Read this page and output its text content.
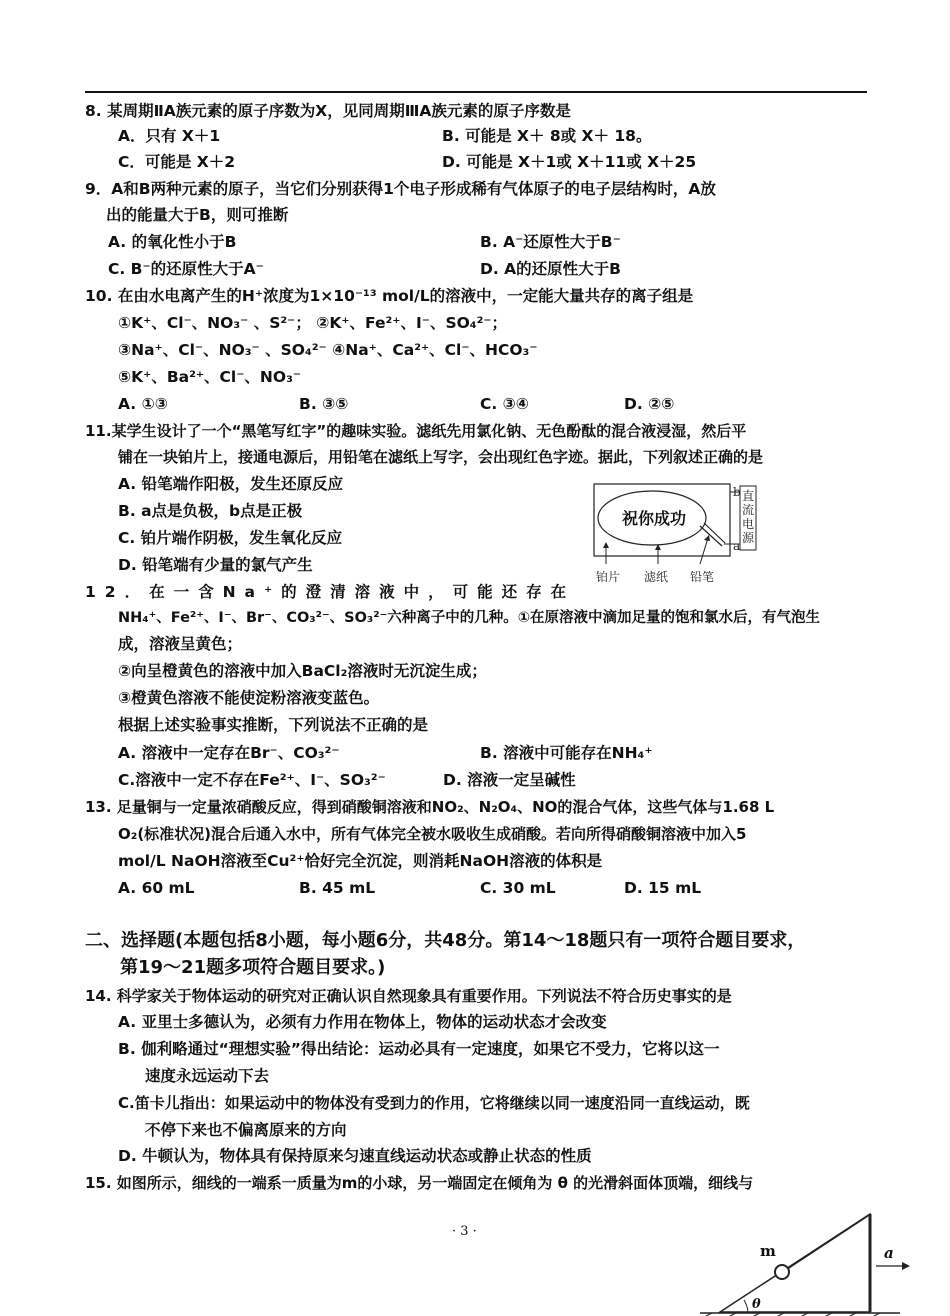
8. 某周期ⅡA族元素的原子序数为X，见同周期ⅢA族元素的原子序数是
A．只有 X＋1	B. 可能是 X＋ 8或 X＋ 18。
C．可能是 X＋2	D. 可能是 X＋1或 X＋11或 X＋25
9．A和B两种元素的原子，当它们分别获得1个电子形成稀有气体原子的电子层结构时，A放
出的能量大于B，则可推断
A. 的氧化性小于B	B. A⁻还原性大于B⁻
C. B⁻的还原性大于A⁻	D. A的还原性大于B
10. 在由水电离产生的H⁺浓度为1×10⁻¹³ mol/L的溶液中，一定能大量共存的离子组是
①K⁺、Cl⁻、NO₃⁻ 、S²⁻； ②K⁺、Fe²⁺、I⁻、SO₄²⁻；
③Na⁺、Cl⁻、NO₃⁻ 、SO₄²⁻ ④Na⁺、Ca²⁺、Cl⁻、HCO₃⁻
⑤K⁺、Ba²⁺、Cl⁻、NO₃⁻
A. ①③	B. ③⑤	C. ③④	D. ②⑤
11.某学生设计了一个“黑笔写红字”的趣味实验。滤纸先用氯化钠、无色酚酞的混合液浸湿，然后平
铺在一块铂片上，接通电源后，用铅笔在滤纸上写字，会出现红色字迹。据此，下列叙述正确的是
A. 铅笔端作阳极，发生还原反应
B. a点是负极，b点是正极
C. 铂片端作阴极，发生氧化反应
D. 铅笔端有少量的氯气产生
祝你成功
直
流
电
源
b
a
铂片 滤纸 铅笔
12．在一含Na⁺的澄清溶液中，可能还存在
NH₄⁺、Fe²⁺、I⁻、Br⁻、CO₃²⁻、SO₃²⁻六种离子中的几种。①在原溶液中滴加足量的饱和氯水后，有气泡生
成，溶液呈黄色；
②向呈橙黄色的溶液中加入BaCl₂溶液时无沉淀生成；
③橙黄色溶液不能使淀粉溶液变蓝色。
根据上述实验事实推断，下列说法不正确的是
A. 溶液中一定存在Br⁻、CO₃²⁻	B. 溶液中可能存在NH₄⁺
C.溶液中一定不存在Fe²⁺、I⁻、SO₃²⁻	D. 溶液一定呈碱性
13. 足量铜与一定量浓硝酸反应，得到硝酸铜溶液和NO₂、N₂O₄、NO的混合气体，这些气体与1.68 L
O₂(标准状况)混合后通入水中，所有气体完全被水吸收生成硝酸。若向所得硝酸铜溶液中加入5
mol/L NaOH溶液至Cu²⁺恰好完全沉淀，则消耗NaOH溶液的体积是
A. 60 mL	B. 45 mL	C. 30 mL	D. 15 mL
二、选择题(本题包括8小题，每小题6分，共48分。第14～18题只有一项符合题目要求，
第19～21题多项符合题目要求。)
14. 科学家关于物体运动的研究对正确认识自然现象具有重要作用。下列说法不符合历史事实的是
A. 亚里士多德认为，必须有力作用在物体上，物体的运动状态才会改变
B. 伽利略通过“理想实验”得出结论：运动必具有一定速度，如果它不受力，它将以这一
速度永远运动下去
C.笛卡儿指出：如果运动中的物体没有受到力的作用，它将继续以同一速度沿同一直线运动，既
不停下来也不偏离原来的方向
D. 牛顿认为，物体具有保持原来匀速直线运动状态或静止状态的性质
15. 如图所示，细线的一端系一质量为m的小球，另一端固定在倾角为 θ 的光滑斜面体顶端，细线与
· 3 ·
m
θ
a
